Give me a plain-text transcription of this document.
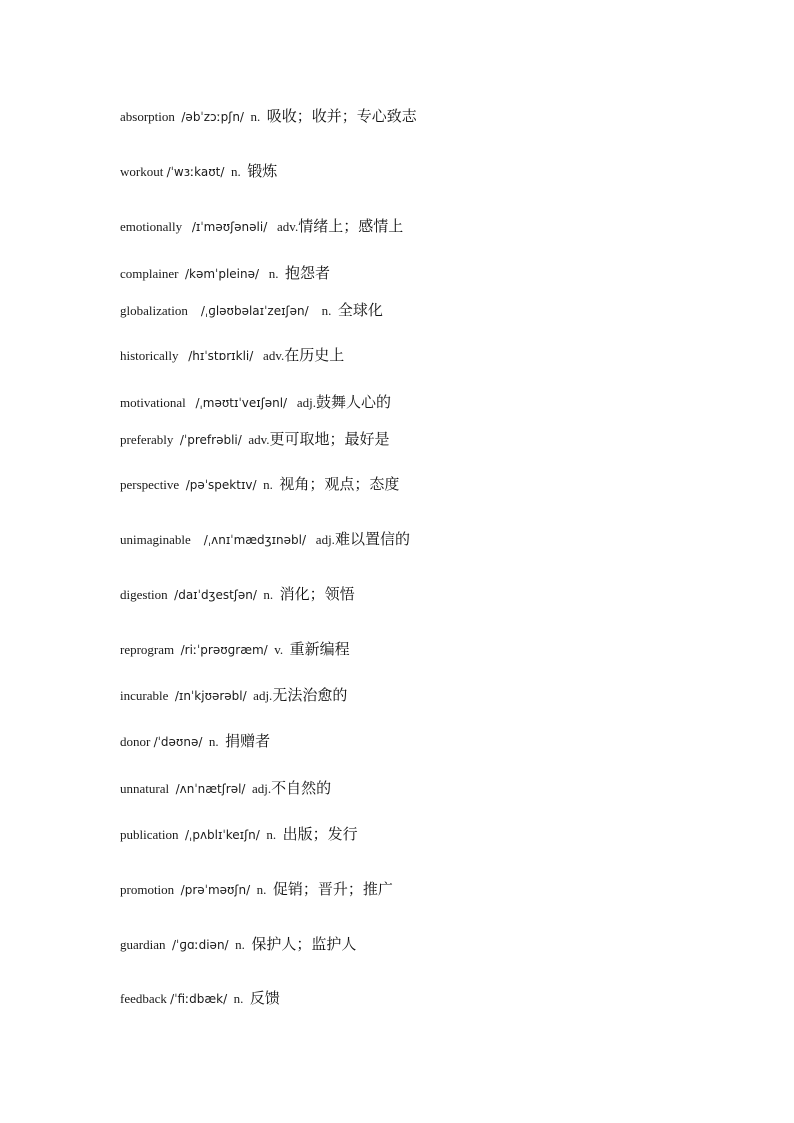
absorption /əbˈzɔːpʃn/ n. 吸收；收并；专心致志
workout /ˈwɜːkaʊt/ n. 锻炼
emotionally /ɪˈməʊʃənəli/ adv.情绪上；感情上
complainer /kəmˈpleinə/ n. 抱怨者
globalization /ˌɡləʊbəlaɪˈzeɪʃən/ n. 全球化
historically /hɪˈstɒrɪkli/ adv.在历史上
motivational /ˌməʊtɪˈveɪʃənl/ adj.鼓舞人心的
preferably /ˈprefrəbli/ adv.更可取地；最好是
perspective /pəˈspektɪv/ n. 视角；观点；态度
unimaginable /ˌʌnɪˈmædʒɪnəbl/ adj.难以置信的
digestion /daɪˈdʒestʃən/ n. 消化；领悟
reprogram /riːˈprəʊɡræm/ v. 重新编程
incurable /ɪnˈkjʊərəbl/ adj.无法治愈的
donor /ˈdəʊnə/ n. 捐赠者
unnatural /ʌnˈnætʃrəl/ adj.不自然的
publication /ˌpʌblɪˈkeɪʃn/ n. 出版；发行
promotion /prəˈməʊʃn/ n. 促销；晋升；推广
guardian /ˈɡɑːdiən/ n. 保护人；监护人
feedback /ˈfiːdbæk/ n. 反馈
